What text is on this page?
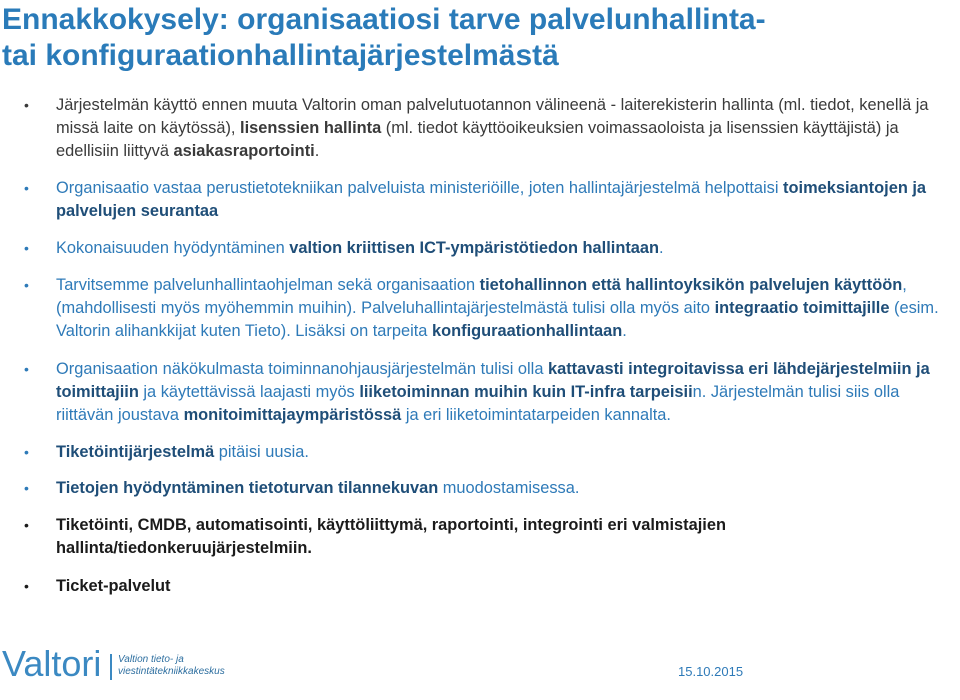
Ennakkokysely: organisaatiosi tarve palvelunhallinta-
tai konfiguraationhallintajärjestelmästä
•	Järjestelmän käyttö ennen muuta Valtorin oman palvelutuotannon välineenä - laiterekisterin hallinta (ml. tiedot, kenellä ja missä laite on käytössä), lisenssien hallinta (ml. tiedot käyttöoikeuksien voimassaoloista ja lisenssien käyttäjistä) ja edellisiin liittyvä asiakasraportointi.
•	Organisaatio vastaa perustietotekniikan palveluista ministeriöille, joten hallintajärjestelmä helpottaisi toimeksiantojen ja palvelujen seurantaa
•	Kokonaisuuden hyödyntäminen valtion kriittisen ICT-ympäristötiedon hallintaan.
•	Tarvitsemme palvelunhallintaohjelman sekä organisaation tietohallinnon että hallintoyksikön palvelujen käyttöön, (mahdollisesti myös myöhemmin muihin). Palveluhallintajärjestelmästä tulisi olla myös aito integraatio toimittajille (esim. Valtorin alihankkijat kuten Tieto). Lisäksi on tarpeita konfiguraationhallintaan.
•	Organisaation näkökulmasta toiminnanohjausjärjestelmän tulisi olla kattavasti integroitavissa eri lähdejärjestelmiin ja toimittajiin ja käytettävissä laajasti myös liiketoiminnan muihin kuin IT-infra tarpeisiin. Järjestelmän tulisi siis olla riittävän joustava monitoimittajaympäristössä ja eri liiketoimintatarpeiden kannalta.
•	Tiketöintijärjestelmä pitäisi uusia.
•	Tietojen hyödyntäminen tietoturvan tilannekuvan muodostamisessa.
•	Tiketöinti, CMDB, automatisointi, käyttöliittymä, raportointi, integrointi eri valmistajien hallinta/tiedonkeruujärjestelmiin.
•	Ticket-palvelut
Valtori Valtion tieto- ja
viestintätekniikkakeskus	15.10.2015
